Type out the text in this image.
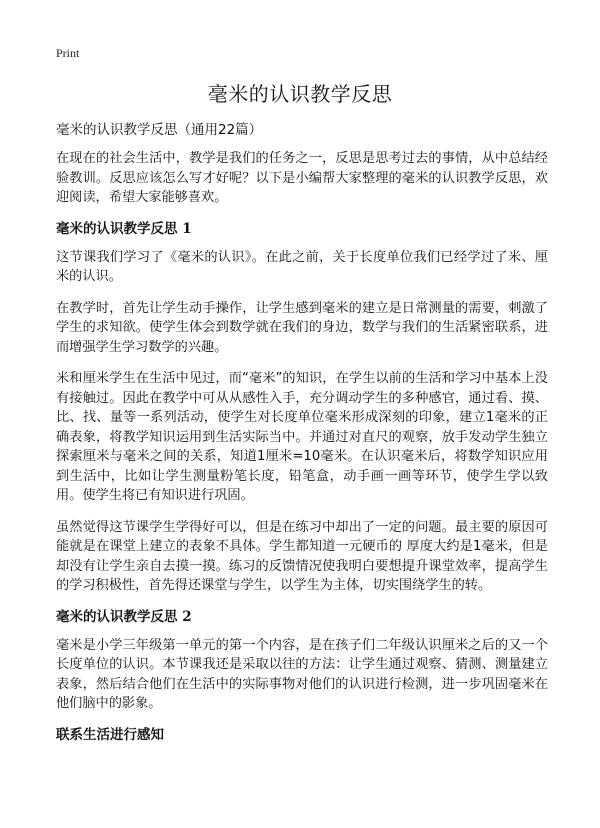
Print
毫米的认识教学反思
毫米的认识教学反思（通用22篇）

在现在的社会生活中，教学是我们的任务之一，反思是思考过去的事情，从中总结经验教训。反思应该怎么写才好呢？以下是小编帮大家整理的毫米的认识教学反思，欢迎阅读，希望大家能够喜欢。

毫米的认识教学反思 1

这节课我们学习了《毫米的认识》。在此之前，关于长度单位我们已经学过了米、厘米的认识。

在教学时，首先让学生动手操作，让学生感到毫米的建立是日常测量的需要，刺激了学生的求知欲。使学生体会到数学就在我们的身边，数学与我们的生活紧密联系，进而增强学生学习数学的兴趣。

米和厘米学生在生活中见过，而“毫米”的知识，在学生以前的生活和学习中基本上没有接触过。因此在教学中可从从感性入手，充分调动学生的多种感官，通过看、摸、比、找、量等一系列活动，使学生对长度单位毫米形成深刻的印象，建立1毫米的正确表象，将教学知识运用到生活实际当中。并通过对直尺的观察，放手发动学生独立探索厘米与毫米之间的关系，知道1厘米=10毫米。在认识毫米后，将数学知识应用到生活中，比如让学生测量粉笔长度，铅笔盒，动手画一画等环节，使学生学以致用。使学生将已有知识进行巩固。

虽然觉得这节课学生学得好可以，但是在练习中却出了一定的问题。最主要的原因可能就是在课堂上建立的表象不具体。学生都知道一元硬币的 厚度大约是1毫米，但是却没有让学生亲自去摸一摸。练习的反馈情况使我明白要想提升课堂效率，提高学生的学习积极性，首先得还课堂与学生，以学生为主体，切实围绕学生的转。

毫米的认识教学反思 2

毫米是小学三年级第一单元的第一个内容，是在孩子们二年级认识厘米之后的又一个长度单位的认识。本节课我还是采取以往的方法：让学生通过观察、猜测、测量建立表象，然后结合他们在生活中的实际事物对他们的认识进行检测，进一步巩固毫米在他们脑中的影象。

联系生活进行感知
